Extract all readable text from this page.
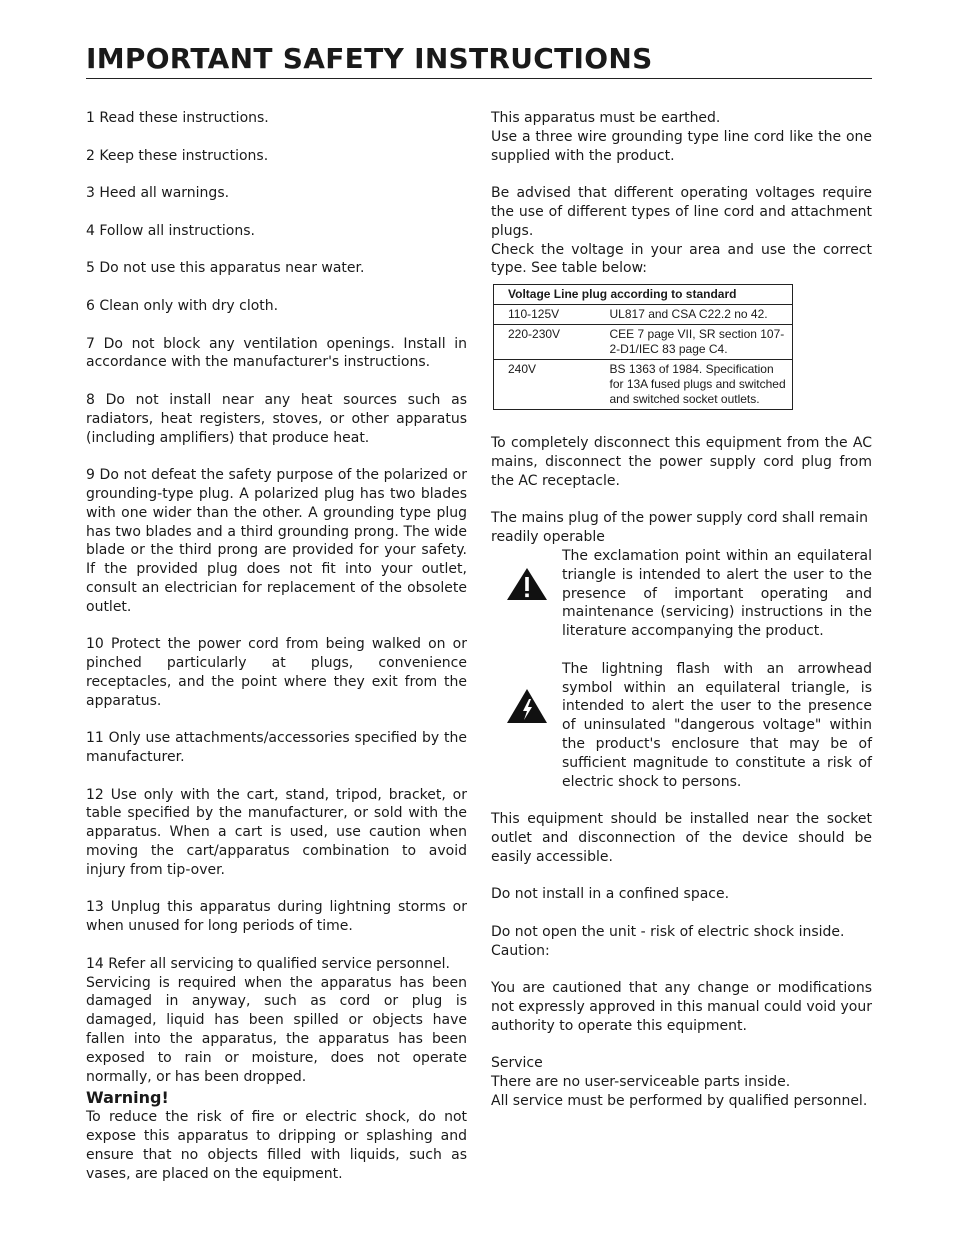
IMPORTANT SAFETY INSTRUCTIONS
1 Read these instructions.
2 Keep these instructions.
3 Heed all warnings.
4 Follow all instructions.
5 Do not use this apparatus near water.
6 Clean only with dry cloth.
7 Do not block any ventilation openings. Install in accordance with the manufacturer's instructions.
8 Do not install near any heat sources such as radiators, heat registers, stoves, or other apparatus (including amplifiers) that produce heat.
9 Do not defeat the safety purpose of the polarized or grounding-type plug. A polarized plug has two blades with one wider than the other. A grounding type plug has two blades and a third grounding prong. The wide blade or the third prong are provided for your safety. If the provided plug does not fit into your outlet, consult an electrician for replacement of the obsolete outlet.
10 Protect the power cord from being walked on or pinched particularly at plugs, convenience receptacles, and the point where they exit from the apparatus.
11 Only use attachments/accessories specified by the manufacturer.
12 Use only with the cart, stand, tripod, bracket, or table specified by the manufacturer, or sold with the apparatus. When a cart is used, use caution when moving the cart/apparatus combination to avoid injury from tip-over.
13 Unplug this apparatus during lightning storms or when unused for long periods of time.
14 Refer all servicing to qualified service personnel.
Servicing is required when the apparatus has been damaged in anyway, such as cord or plug is damaged, liquid has been spilled or objects have fallen into the apparatus, the apparatus has been exposed to rain or moisture, does not operate normally, or has been dropped.
Warning!
To reduce the risk of fire or electric shock, do not expose this apparatus to dripping or splashing and ensure that no objects filled with liquids, such as vases, are placed on the equipment.
This apparatus must be earthed.
Use a three wire grounding type line cord like the one supplied with the product.
Be advised that different operating voltages require the use of different types of line cord and attachment plugs.
Check the voltage in your area and use the correct type. See table below:
Voltage Line plug according to standard	
110-125V	UL817 and CSA C22.2 no 42.
220-230V	CEE 7 page VII, SR section 107-2-D1/IEC 83 page C4.
240V	BS 1363 of 1984. Specification for 13A fused plugs and switched and switched socket outlets.
To completely disconnect this equipment from the AC mains, disconnect the power supply cord plug from the AC receptacle.
The mains plug of the power supply cord shall remain readily operable
The exclamation point within an equilateral triangle is intended to alert the user to the presence of important operating and maintenance (servicing) instructions in the literature accompanying the product.
The lightning flash with an arrowhead symbol within an equilateral triangle, is intended to alert the user to the presence of uninsulated "dangerous voltage" within the product's enclosure that may be of sufficient magnitude to constitute a risk of electric shock to persons.
This equipment should be installed near the socket outlet and disconnection of the device should be easily accessible.
Do not install in a confined space.
Do not open the unit - risk of electric shock inside.
Caution:
You are cautioned that any change or modifications not expressly approved in this manual could void your authority to operate this equipment.
Service
There are no user-serviceable parts inside.
All service must be performed by qualified personnel.
